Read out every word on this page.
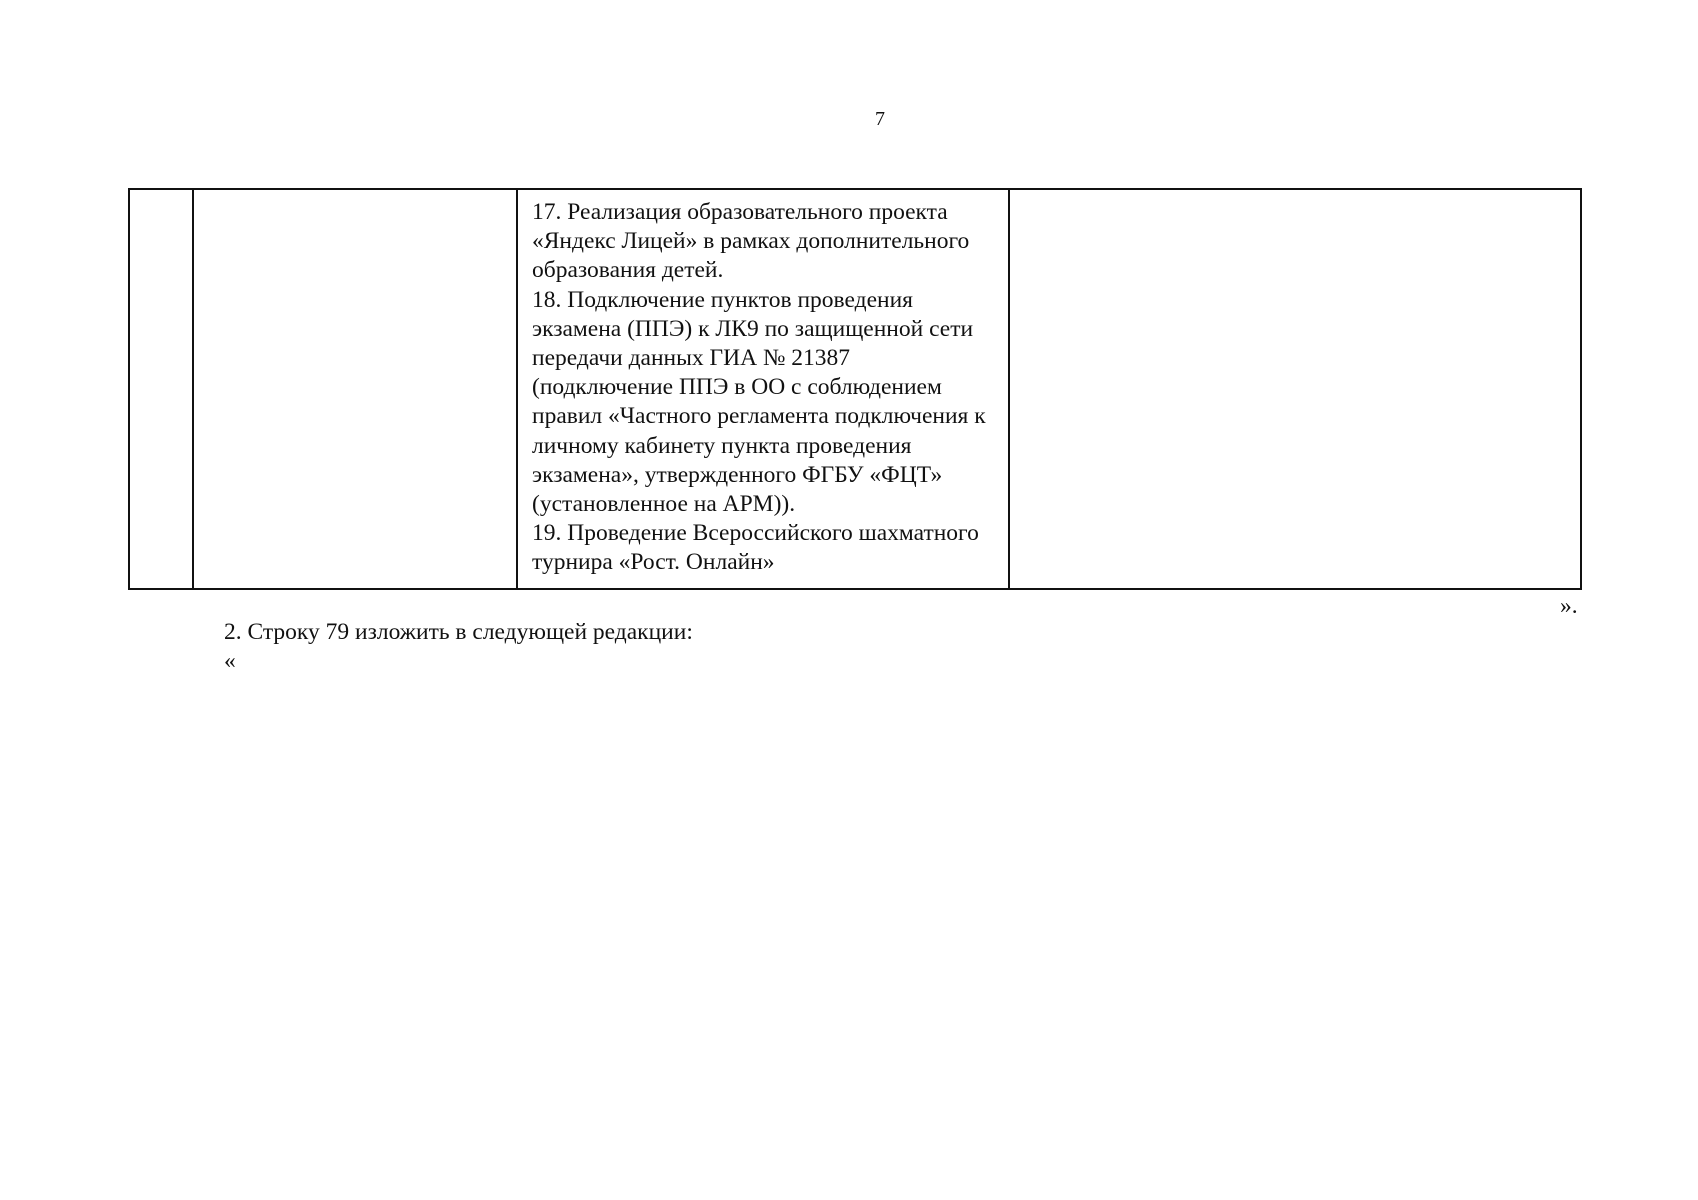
7

17. Реализация образовательного проекта «Яндекс Лицей» в рамках дополнительного образования детей.

18. Подключение пунктов проведения экзамена (ППЭ) к ЛК9 по защищенной сети передачи данных ГИА № 21387 (подключение ППЭ в ОО с соблюдением правил «Частного регламента подключения к личному кабинету пункта проведения экзамена», утвержденного ФГБУ «ФЦТ» (установленное на АРМ)).

19. Проведение Всероссийского шахматного турнира «Рост. Онлайн»

».
2. Строку 79 изложить в следующей редакции:
«
